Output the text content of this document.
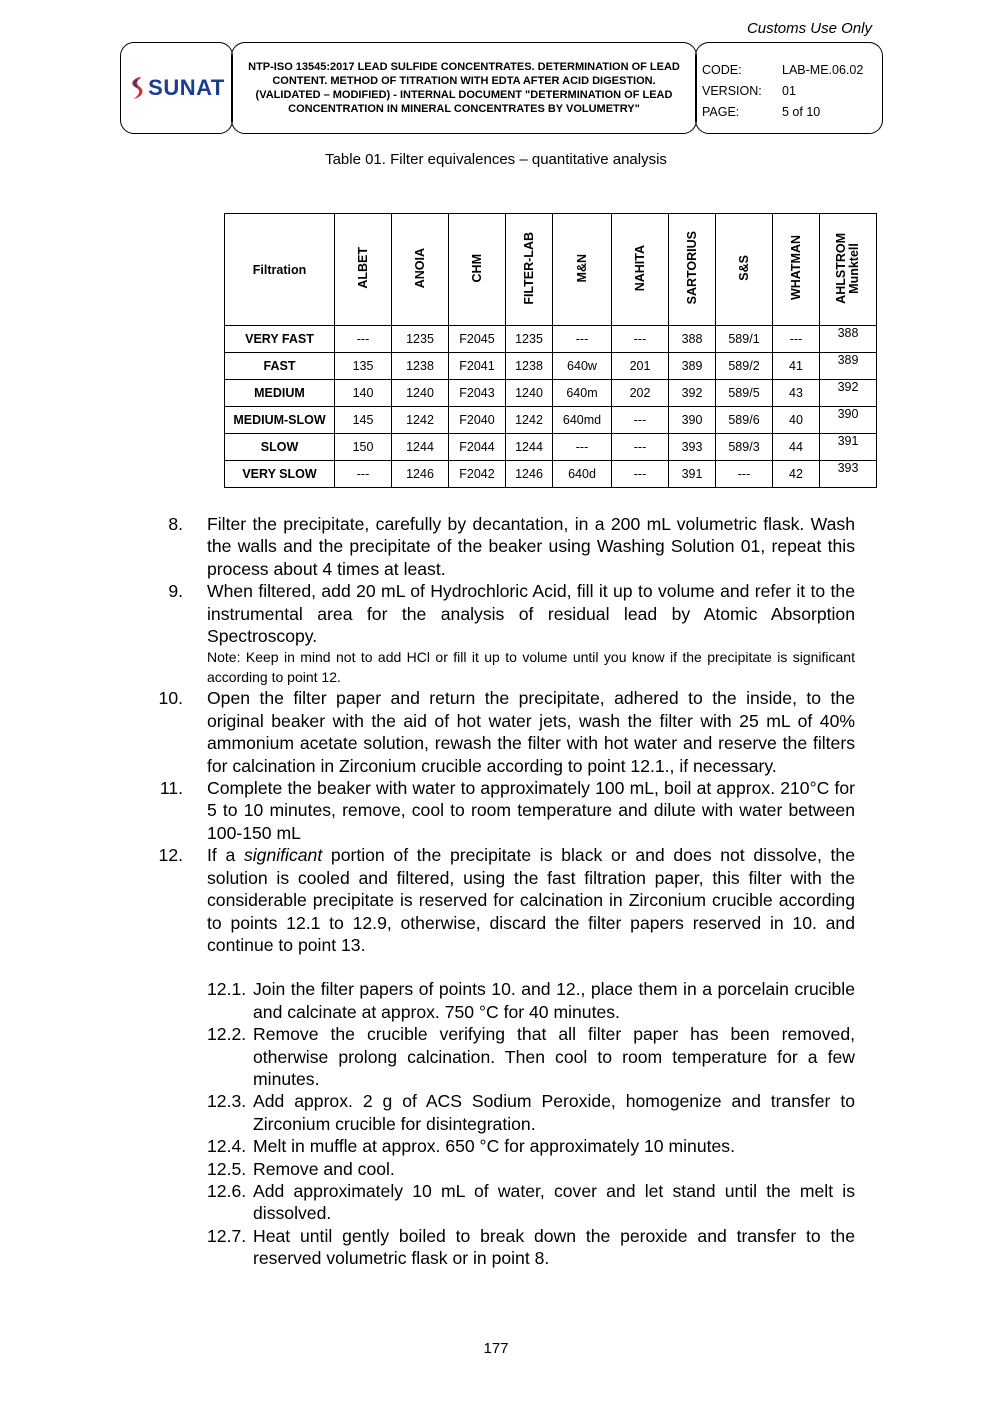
Customs Use Only
SUNAT
NTP-ISO 13545:2017 LEAD SULFIDE CONCENTRATES. DETERMINATION OF LEAD CONTENT. METHOD OF TITRATION WITH EDTA AFTER ACID DIGESTION. (VALIDATED – MODIFIED) - INTERNAL DOCUMENT "DETERMINATION OF LEAD CONCENTRATION IN MINERAL CONCENTRATES BY VOLUMETRY"
CODE:	LAB-ME.06.02
VERSION:	01
PAGE:	5 of 10
Table 01. Filter equivalences – quantitative analysis
Filtration	ALBET	ANOIA	CHM	FILTER-LAB	M&N	NAHITA	SARTORIUS	S&S	WHATMAN	AHLSTROM
Munktell
VERY FAST	---	1235	F2045	1235	---	---	388	589/1	---	388
FAST	135	1238	F2041	1238	640w	201	389	589/2	41	389
MEDIUM	140	1240	F2043	1240	640m	202	392	589/5	43	392
MEDIUM-SLOW	145	1242	F2040	1242	640md	---	390	589/6	40	390
SLOW	150	1244	F2044	1244	---	---	393	589/3	44	391
VERY SLOW	---	1246	F2042	1246	640d	---	391	---	42	393
8. Filter the precipitate, carefully by decantation, in a 200 mL volumetric flask. Wash the walls and the precipitate of the beaker using Washing Solution 01, repeat this process about 4 times at least.
9. When filtered, add 20 mL of Hydrochloric Acid, fill it up to volume and refer it to the instrumental area for the analysis of residual lead by Atomic Absorption Spectroscopy.
Note: Keep in mind not to add HCl or fill it up to volume until you know if the precipitate is significant according to point 12.
10. Open the filter paper and return the precipitate, adhered to the inside, to the original beaker with the aid of hot water jets, wash the filter with 25 mL of 40% ammonium acetate solution, rewash the filter with hot water and reserve the filters for calcination in Zirconium crucible according to point 12.1., if necessary.
11. Complete the beaker with water to approximately 100 mL, boil at approx. 210°C for 5 to 10 minutes, remove, cool to room temperature and dilute with water between 100-150 mL
12. If a significant portion of the precipitate is black or and does not dissolve, the solution is cooled and filtered, using the fast filtration paper, this filter with the considerable precipitate is reserved for calcination in Zirconium crucible according to points 12.1 to 12.9, otherwise, discard the filter papers reserved in 10. and continue to point 13.
12.1. Join the filter papers of points 10. and 12., place them in a porcelain crucible and calcinate at approx. 750 °C for 40 minutes.
12.2. Remove the crucible verifying that all filter paper has been removed, otherwise prolong calcination. Then cool to room temperature for a few minutes.
12.3. Add approx. 2 g of ACS Sodium Peroxide, homogenize and transfer to Zirconium crucible for disintegration.
12.4. Melt in muffle at approx. 650 °C for approximately 10 minutes.
12.5. Remove and cool.
12.6. Add approximately 10 mL of water, cover and let stand until the melt is dissolved.
12.7. Heat until gently boiled to break down the peroxide and transfer to the reserved volumetric flask or in point 8.
177
